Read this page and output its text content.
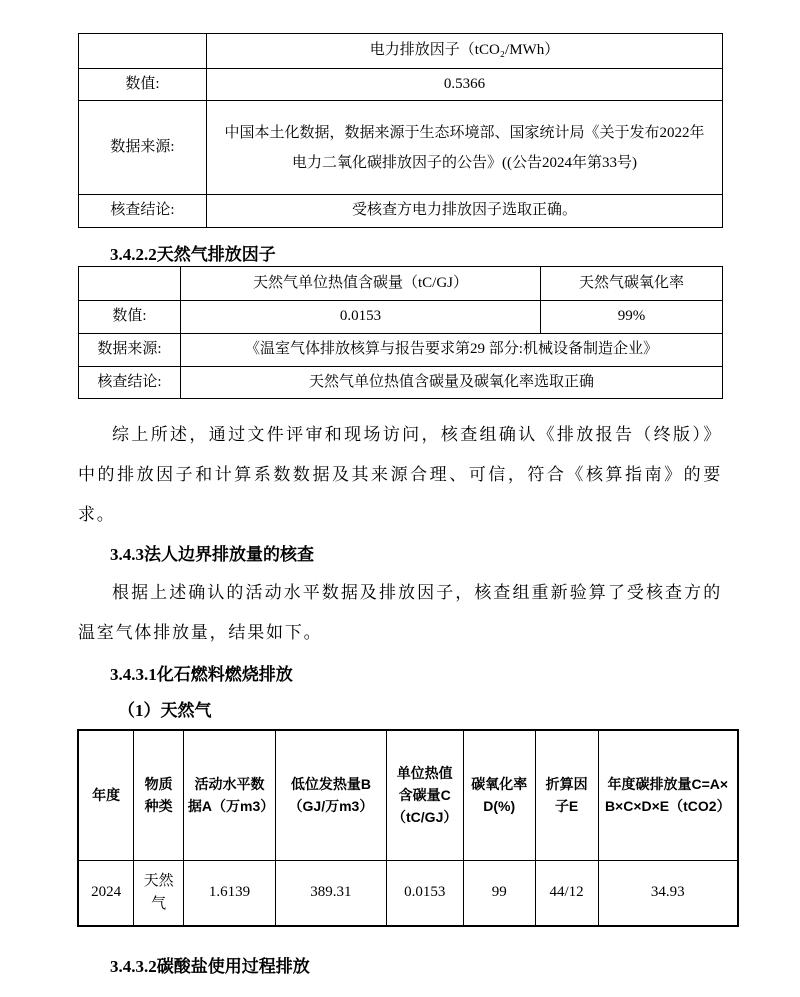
	电力排放因子（tCO₂/MWh）
数值:	0.5366
数据来源:	中国本土化数据，数据来源于生态环境部、国家统计局《关于发布2022年电力二氧化碳排放因子的公告》((公告2024年第33号)
核查结论:	受核查方电力排放因子选取正确。
3.4.2.2天然气排放因子
	天然气单位热值含碳量（tC/GJ）	天然气碳氧化率
数值:	0.0153	99%
数据来源:	《温室气体排放核算与报告要求第29 部分:机械设备制造企业》	
核查结论:	天然气单位热值含碳量及碳氧化率选取正确	

综上所述，通过文件评审和现场访问，核查组确认《排放报告（终版）》中的排放因子和计算系数数据及其来源合理、可信，符合《核算指南》的要求。

3.4.3法人边界排放量的核查

根据上述确认的活动水平数据及排放因子，核查组重新验算了受核查方的温室气体排放量，结果如下。

3.4.3.1化石燃料燃烧排放
（1）天然气
年度	物质种类	活动水平数据A（万m3）	低位发热量B（GJ/万m3）	单位热值含碳量C（tC/GJ）	碳氧化率D(%)	折算因子E	年度碳排放量C=A×B×C×D×E（tCO2）
2024	天然气	1.6139	389.31	0.0153	99	44/12	34.93
3.4.3.2碳酸盐使用过程排放
